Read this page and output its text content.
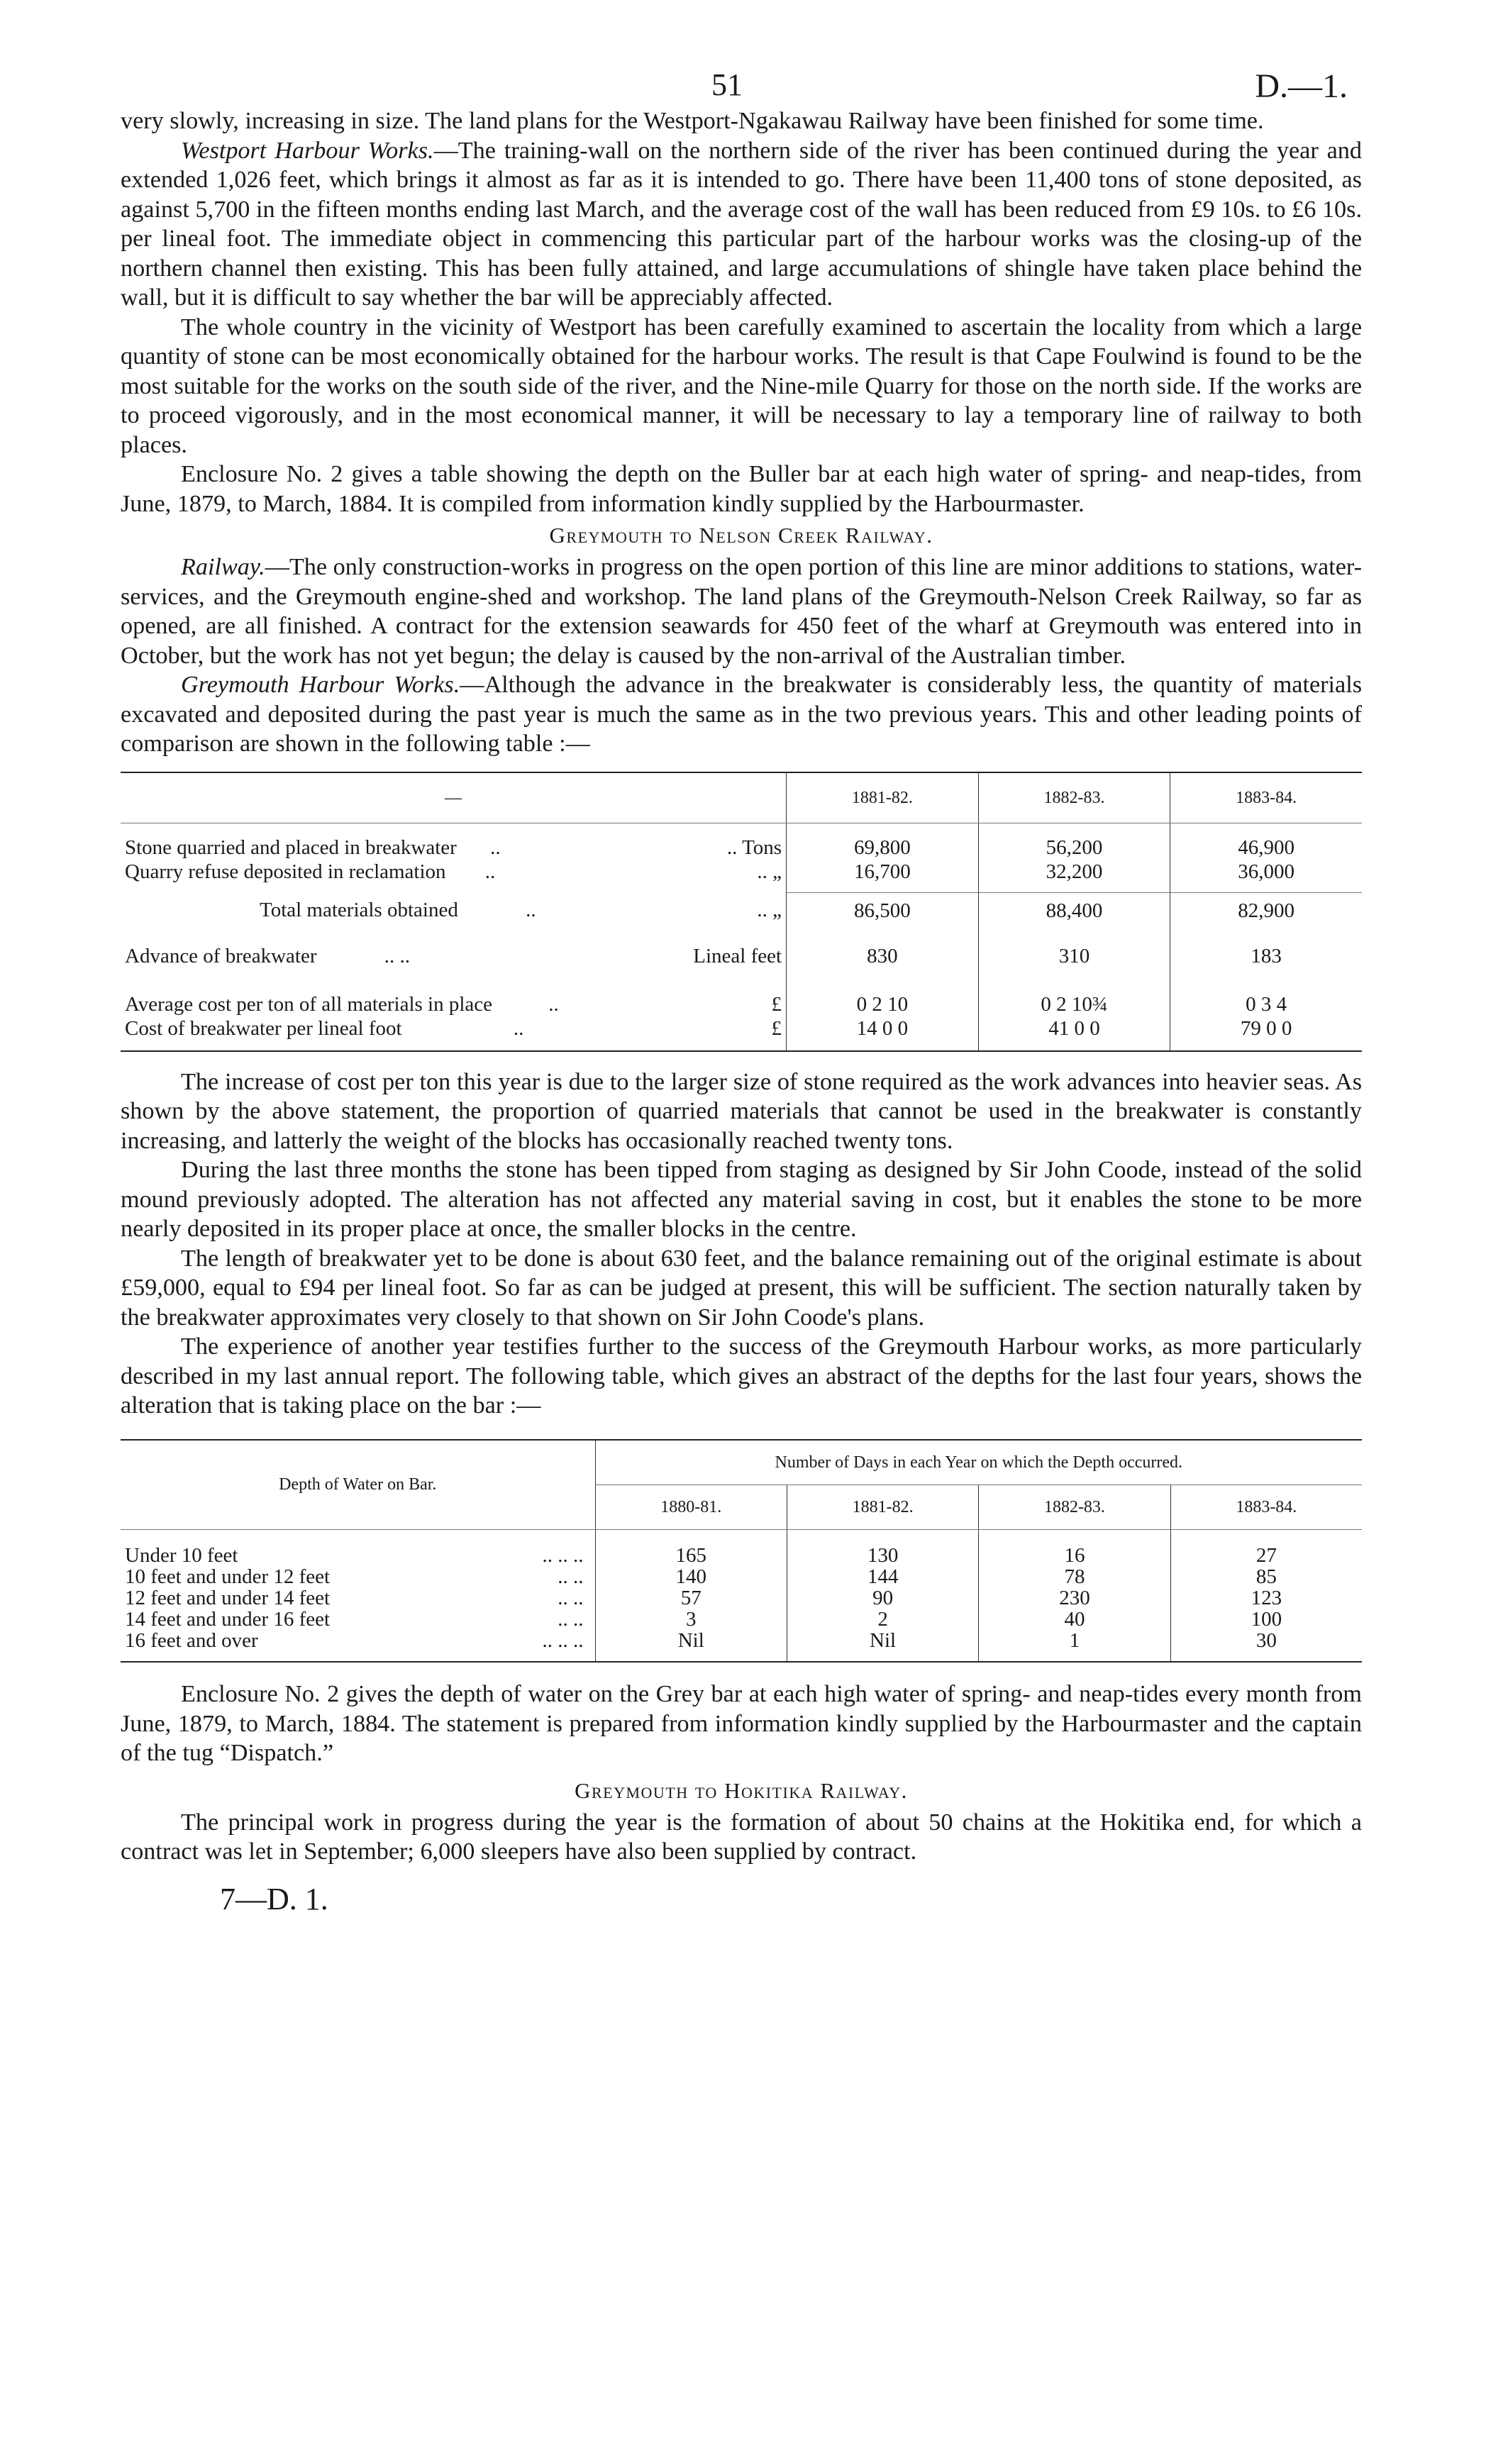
51	D.—1.

very slowly, increasing in size. The land plans for the Westport-Ngakawau Railway have been finished for some time.

Westport Harbour Works.—The training-wall on the northern side of the river has been continued during the year and extended 1,026 feet, which brings it almost as far as it is intended to go. There have been 11,400 tons of stone deposited, as against 5,700 in the fifteen months ending last March, and the average cost of the wall has been reduced from £9 10s. to £6 10s. per lineal foot. The immediate object in commencing this particular part of the harbour works was the closing-up of the northern channel then existing. This has been fully attained, and large accumulations of shingle have taken place behind the wall, but it is difficult to say whether the bar will be appreciably affected.

The whole country in the vicinity of Westport has been carefully examined to ascertain the locality from which a large quantity of stone can be most economically obtained for the harbour works. The result is that Cape Foulwind is found to be the most suitable for the works on the south side of the river, and the Nine-mile Quarry for those on the north side. If the works are to proceed vigorously, and in the most economical manner, it will be necessary to lay a temporary line of railway to both places.

Enclosure No. 2 gives a table showing the depth on the Buller bar at each high water of spring- and neap-tides, from June, 1879, to March, 1884. It is compiled from information kindly supplied by the Harbourmaster.

Greymouth to Nelson Creek Railway.

Railway.—The only construction-works in progress on the open portion of this line are minor additions to stations, water-services, and the Greymouth engine-shed and workshop. The land plans of the Greymouth-Nelson Creek Railway, so far as opened, are all finished. A contract for the extension seawards for 450 feet of the wharf at Greymouth was entered into in October, but the work has not yet begun; the delay is caused by the non-arrival of the Australian timber.

Greymouth Harbour Works.—Although the advance in the breakwater is considerably less, the quantity of materials excavated and deposited during the past year is much the same as in the two previous years. This and other leading points of comparison are shown in the following table :—

—	1881-82.	1882-83.	1883-84.

Stone quarried and placed in breakwater .. .. Tons	69,800	56,200	46,900
Quarry refuse deposited in reclamation .. .. „	16,700	32,200	36,000

Total materials obtained .. .. „	86,500	88,400	82,900

Advance of breakwater .. .. Lineal feet	830	310	183

Average cost per ton of all materials in place .. £	0 2 10	0 2 10¾	0 3 4
Cost of breakwater per lineal foot .. £	14 0 0	41 0 0	79 0 0

The increase of cost per ton this year is due to the larger size of stone required as the work advances into heavier seas. As shown by the above statement, the proportion of quarried materials that cannot be used in the breakwater is constantly increasing, and latterly the weight of the blocks has occasionally reached twenty tons.

During the last three months the stone has been tipped from staging as designed by Sir John Coode, instead of the solid mound previously adopted. The alteration has not affected any material saving in cost, but it enables the stone to be more nearly deposited in its proper place at once, the smaller blocks in the centre.

The length of breakwater yet to be done is about 630 feet, and the balance remaining out of the original estimate is about £59,000, equal to £94 per lineal foot. So far as can be judged at present, this will be sufficient. The section naturally taken by the breakwater approximates very closely to that shown on Sir John Coode's plans.

The experience of another year testifies further to the success of the Greymouth Harbour works, as more particularly described in my last annual report. The following table, which gives an abstract of the depths for the last four years, shows the alteration that is taking place on the bar :—

Depth of Water on Bar.	Number of Days in each Year on which the Depth occurred.			
	1880-81.	1881-82.	1882-83.	1883-84.

Under 10 feet .. .. ..	165	130	16	27
10 feet and under 12 feet .. ..	140	144	78	85
12 feet and under 14 feet .. ..	57	90	230	123
14 feet and under 16 feet .. ..	3	2	40	100
16 feet and over .. .. ..	Nil	Nil	1	30

Enclosure No. 2 gives the depth of water on the Grey bar at each high water of spring- and neap-tides every month from June, 1879, to March, 1884. The statement is prepared from information kindly supplied by the Harbourmaster and the captain of the tug “Dispatch.”

Greymouth to Hokitika Railway.

The principal work in progress during the year is the formation of about 50 chains at the Hokitika end, for which a contract was let in September; 6,000 sleepers have also been supplied by contract.

7—D. 1.
